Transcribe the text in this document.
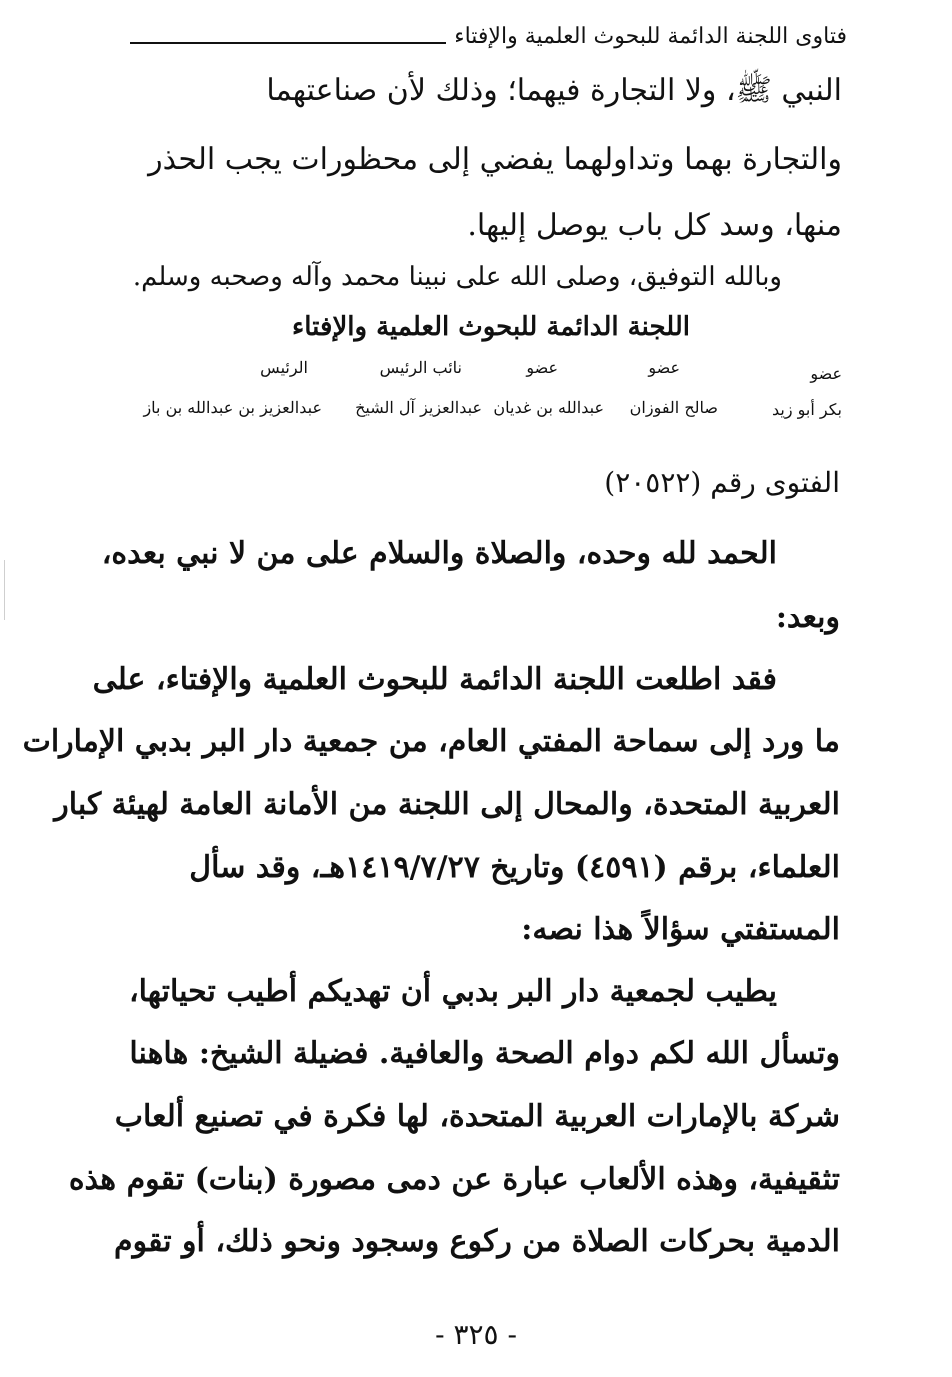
فتاوى اللجنة الدائمة للبحوث العلمية والإفتاء
النبي ﷺ، ولا التجارة فيهما؛ وذلك لأن صناعتهما
والتجارة بهما وتداولهما يفضي إلى محظورات يجب الحذر
منها، وسد كل باب يوصل إليها.
وبالله التوفيق، وصلى الله على نبينا محمد وآله وصحبه وسلم.
اللجنة الدائمة للبحوث العلمية والإفتاء
عضو
عضو
عضو
نائب الرئيس
الرئيس
بكر أبو زيد
صالح الفوزان
عبدالله بن غديان
عبدالعزيز آل الشيخ
عبدالعزيز بن عبدالله بن باز
الفتوى رقم (٢٠٥٢٢)
الحمد لله وحده، والصلاة والسلام على من لا نبي بعده،
وبعد:
فقد اطلعت اللجنة الدائمة للبحوث العلمية والإفتاء، على
ما ورد إلى سماحة المفتي العام، من جمعية دار البر بدبي الإمارات
العربية المتحدة، والمحال إلى اللجنة من الأمانة العامة لهيئة كبار
العلماء، برقم (٤٥٩١) وتاريخ ١٤١٩/٧/٢٧هـ، وقد سأل
المستفتي سؤالاً هذا نصه:
يطيب لجمعية دار البر بدبي أن تهديكم أطيب تحياتها،
وتسأل الله لكم دوام الصحة والعافية. فضيلة الشيخ: هاهنا
شركة بالإمارات العربية المتحدة، لها فكرة في تصنيع ألعاب
تثقيفية، وهذه الألعاب عبارة عن دمى مصورة (بنات) تقوم هذه
الدمية بحركات الصلاة من ركوع وسجود ونحو ذلك، أو تقوم
- ٣٢٥ -
